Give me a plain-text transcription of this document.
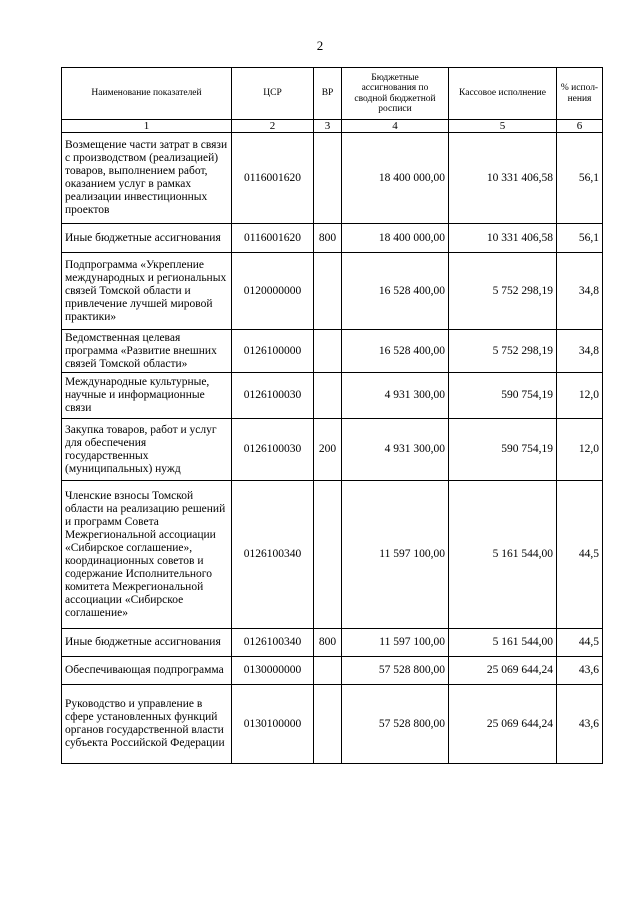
2
Наименование показателей	ЦСР	ВР	Бюджетные ассигнования по сводной бюджетной росписи	Кассовое исполнение	% испол-нения
1	2	3	4	5	6
Возмещение части затрат в связи с производством (реализацией) товаров, выполнением работ, оказанием услуг в рамках реализации инвестиционных проектов	0116001620		18 400 000,00	10 331 406,58	56,1
Иные бюджетные ассигнования	0116001620	800	18 400 000,00	10 331 406,58	56,1
Подпрограмма «Укрепление международных и региональных связей Томской области и привлечение лучшей мировой практики»	0120000000		16 528 400,00	5 752 298,19	34,8
Ведомственная целевая программа «Развитие внешних связей Томской области»	0126100000		16 528 400,00	5 752 298,19	34,8
Международные культурные, научные и информационные связи	0126100030		4 931 300,00	590 754,19	12,0
Закупка товаров, работ и услуг для обеспечения государственных (муниципальных) нужд	0126100030	200	4 931 300,00	590 754,19	12,0
Членские взносы Томской области на реализацию решений и программ Совета Межрегиональной ассоциации «Сибирское соглашение», координационных советов и содержание Исполнительного комитета Межрегиональной ассоциации «Сибирское соглашение»	0126100340		11 597 100,00	5 161 544,00	44,5
Иные бюджетные ассигнования	0126100340	800	11 597 100,00	5 161 544,00	44,5
Обеспечивающая подпрограмма	0130000000		57 528 800,00	25 069 644,24	43,6
Руководство и управление в сфере установленных функций органов государственной власти субъекта Российской Федерации	0130100000		57 528 800,00	25 069 644,24	43,6
